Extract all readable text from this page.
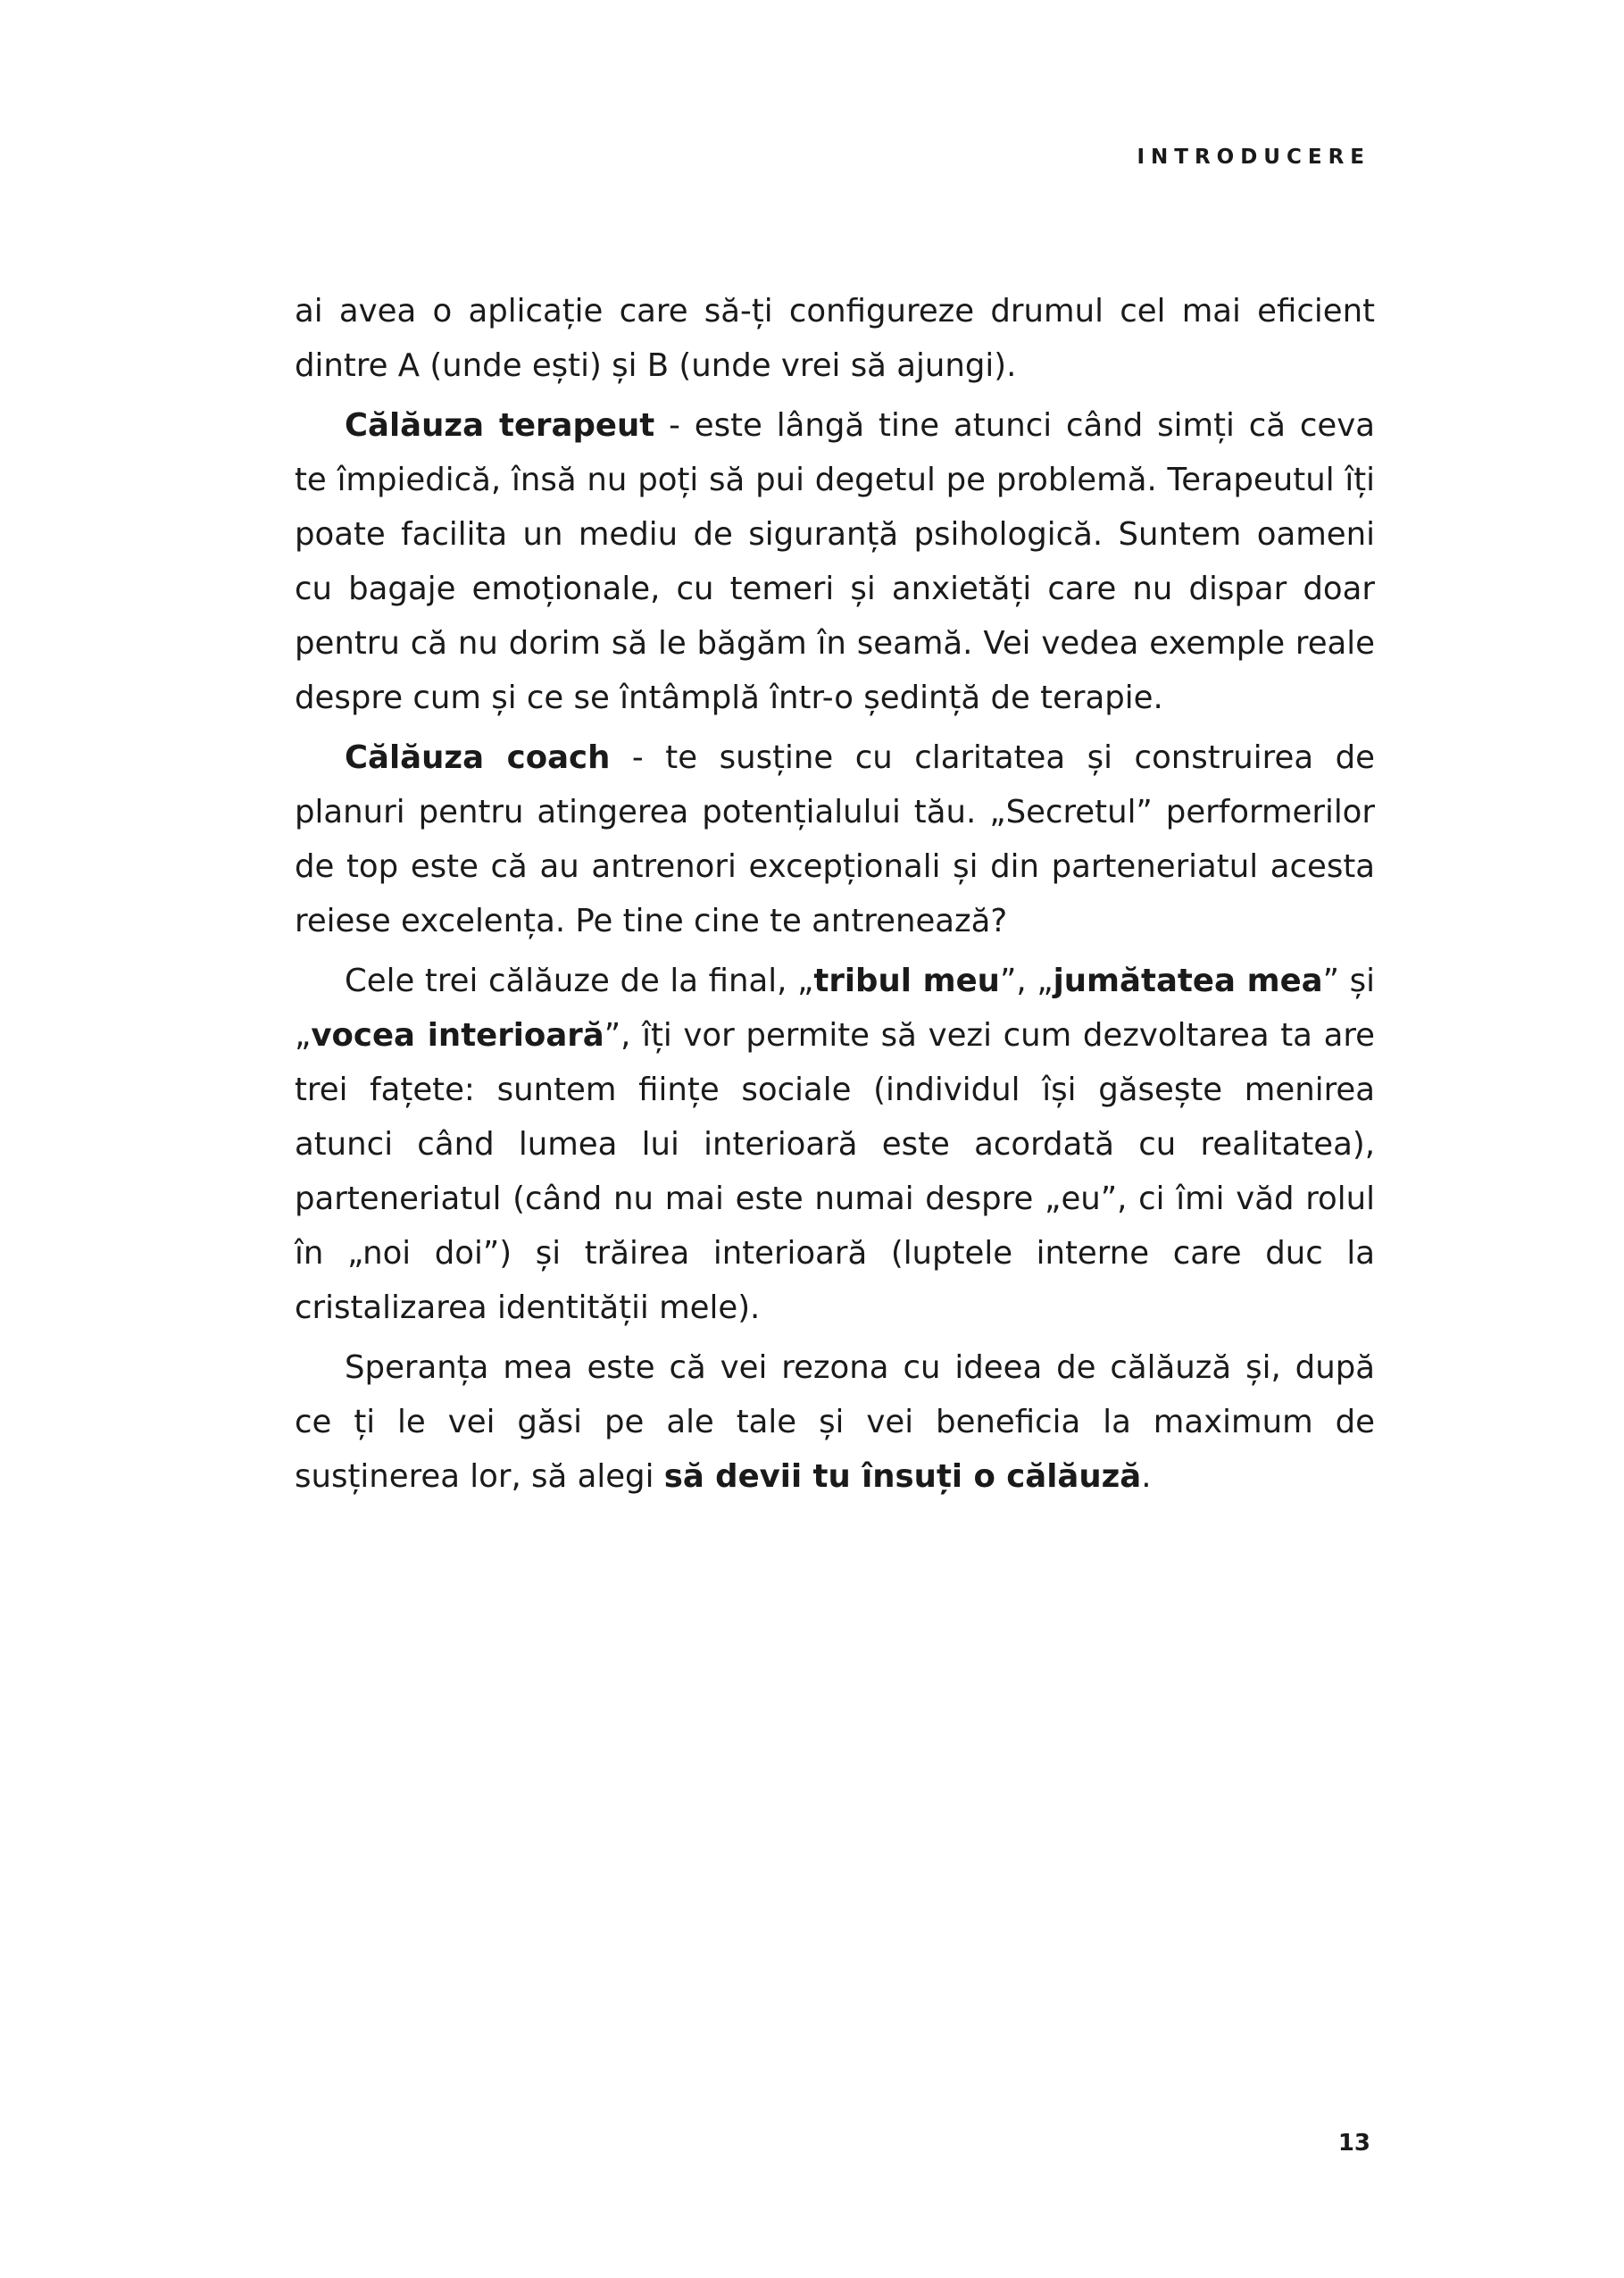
INTRODUCERE

ai avea o aplicație care să-ți configureze drumul cel mai eficient dintre A (unde ești) și B (unde vrei să ajungi).

Călăuza terapeut - este lângă tine atunci când simți că ceva te împiedică, însă nu poți să pui degetul pe problemă. Terapeutul îți poate facilita un mediu de siguranță psihologică. Suntem oameni cu bagaje emoționale, cu temeri și anxietăți care nu dispar doar pentru că nu dorim să le băgăm în seamă. Vei vedea exemple reale despre cum și ce se întâmplă într-o ședință de terapie.

Călăuza coach - te susține cu claritatea și construirea de planuri pentru atingerea potențialului tău. „Secretul” performerilor de top este că au antrenori excepționali și din parteneriatul acesta reiese excelența. Pe tine cine te antrenează?

Cele trei călăuze de la final, „tribul meu”, „jumătatea mea” și „vocea interioară”, îți vor permite să vezi cum dezvoltarea ta are trei fațete: suntem ființe sociale (individul își găsește menirea atunci când lumea lui interioară este acordată cu realitatea), parteneriatul (când nu mai este numai despre „eu”, ci îmi văd rolul în „noi doi”) și trăirea interioară (luptele interne care duc la cristalizarea identității mele).

Speranța mea este că vei rezona cu ideea de călăuză și, după ce ți le vei găsi pe ale tale și vei beneficia la maximum de susținerea lor, să alegi să devii tu însuți o călăuză.

13
